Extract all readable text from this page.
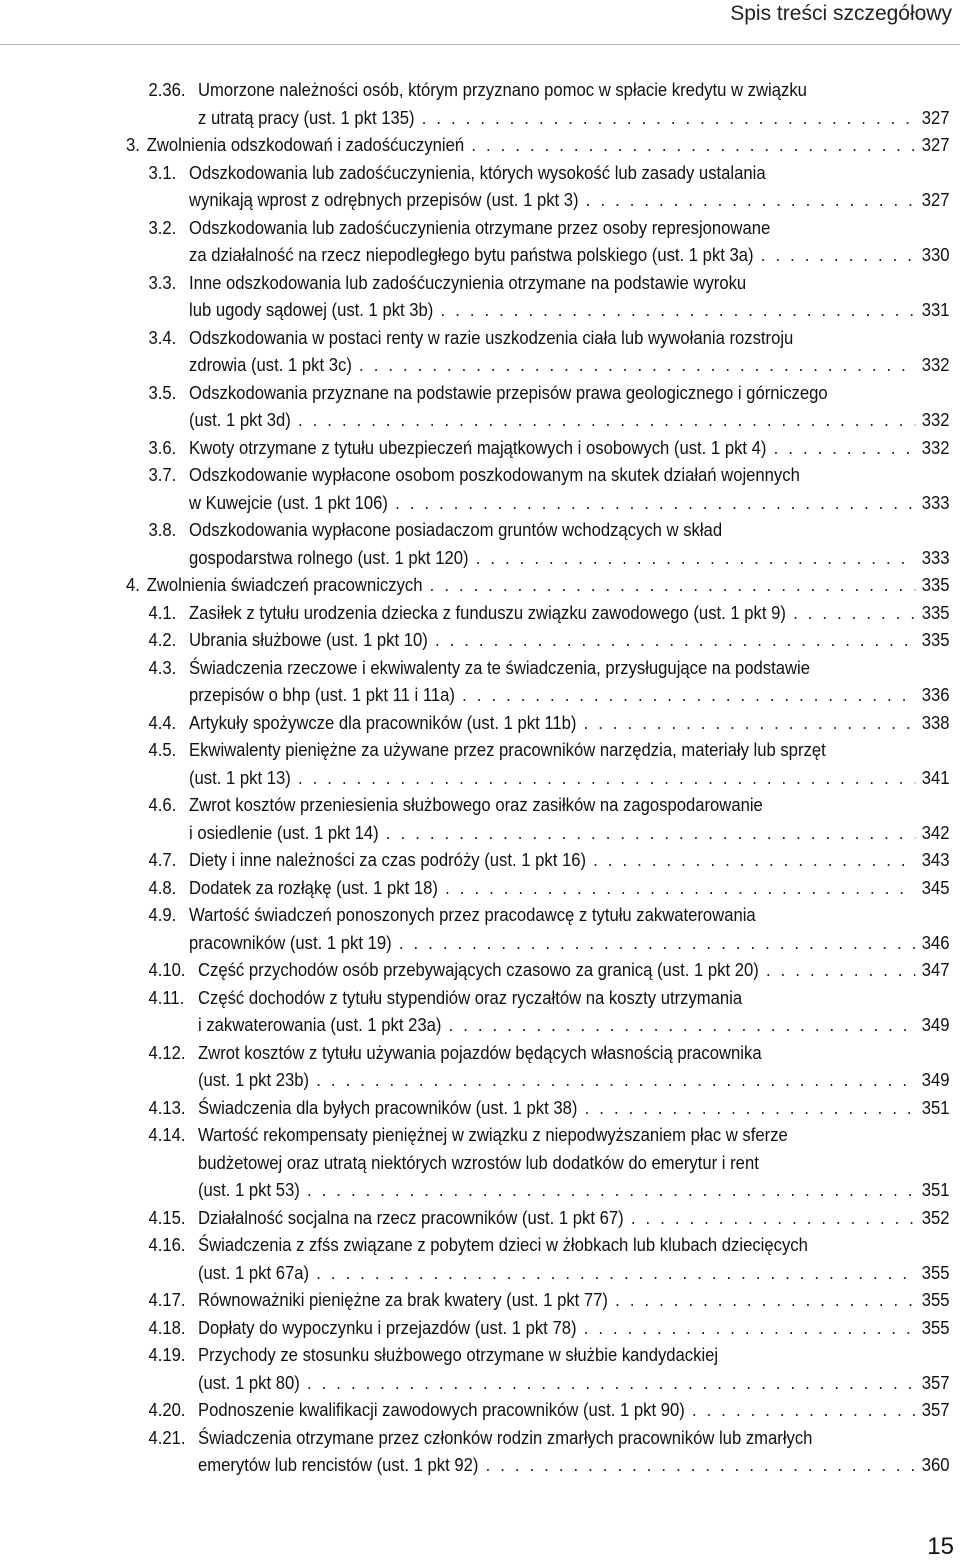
Spis treści szczegółowy
2.36. Umorzone należności osób, którym przyznano pomoc w spłacie kredytu w związku
z utratą pracy (ust. 1 pkt 135) . . .	327
3. Zwolnienia odszkodowań i zadośćuczynień . . .	327
3.1. Odszkodowania lub zadośćuczynienia, których wysokość lub zasady ustalania
wynikają wprost z odrębnych przepisów (ust. 1 pkt 3) . . .	327
3.2. Odszkodowania lub zadośćuczynienia otrzymane przez osoby represjonowane
za działalność na rzecz niepodległego bytu państwa polskiego (ust. 1 pkt 3a) . . .	330
3.3. Inne odszkodowania lub zadośćuczynienia otrzymane na podstawie wyroku
lub ugody sądowej (ust. 1 pkt 3b) . . .	331
3.4. Odszkodowania w postaci renty w razie uszkodzenia ciała lub wywołania rozstroju
zdrowia (ust. 1 pkt 3c) . . .	332
3.5. Odszkodowania przyznane na podstawie przepisów prawa geologicznego i górniczego
(ust. 1 pkt 3d) . . .	332
3.6. Kwoty otrzymane z tytułu ubezpieczeń majątkowych i osobowych (ust. 1 pkt 4) . . .	332
3.7. Odszkodowanie wypłacone osobom poszkodowanym na skutek działań wojennych
w Kuwejcie (ust. 1 pkt 106) . . .	333
3.8. Odszkodowania wypłacone posiadaczom gruntów wchodzących w skład
gospodarstwa rolnego (ust. 1 pkt 120) . . .	333
4. Zwolnienia świadczeń pracowniczych . . .	335
4.1. Zasiłek z tytułu urodzenia dziecka z funduszu związku zawodowego (ust. 1 pkt 9) . . .	335
4.2. Ubrania służbowe (ust. 1 pkt 10) . . .	335
4.3. Świadczenia rzeczowe i ekwiwalenty za te świadczenia, przysługujące na podstawie
przepisów o bhp (ust. 1 pkt 11 i 11a) . . .	336
4.4. Artykuły spożywcze dla pracowników (ust. 1 pkt 11b) . . .	338
4.5. Ekwiwalenty pieniężne za używane przez pracowników narzędzia, materiały lub sprzęt
(ust. 1 pkt 13) . . .	341
4.6. Zwrot kosztów przeniesienia służbowego oraz zasiłków na zagospodarowanie
i osiedlenie (ust. 1 pkt 14) . . .	342
4.7. Diety i inne należności za czas podróży (ust. 1 pkt 16) . . .	343
4.8. Dodatek za rozłąkę (ust. 1 pkt 18) . . .	345
4.9. Wartość świadczeń ponoszonych przez pracodawcę z tytułu zakwaterowania
pracowników (ust. 1 pkt 19) . . .	346
4.10. Część przychodów osób przebywających czasowo za granicą (ust. 1 pkt 20) . . .	347
4.11. Część dochodów z tytułu stypendiów oraz ryczałtów na koszty utrzymania
i zakwaterowania (ust. 1 pkt 23a) . . .	349
4.12. Zwrot kosztów z tytułu używania pojazdów będących własnością pracownika
(ust. 1 pkt 23b) . . .	349
4.13. Świadczenia dla byłych pracowników (ust. 1 pkt 38) . . .	351
4.14. Wartość rekompensaty pieniężnej w związku z niepodwyższaniem płac w sferze
budżetowej oraz utratą niektórych wzrostów lub dodatków do emerytur i rent
(ust. 1 pkt 53) . . .	351
4.15. Działalność socjalna na rzecz pracowników (ust. 1 pkt 67) . . .	352
4.16. Świadczenia z zfśs związane z pobytem dzieci w żłobkach lub klubach dziecięcych
(ust. 1 pkt 67a) . . .	355
4.17. Równoważniki pieniężne za brak kwatery (ust. 1 pkt 77) . . .	355
4.18. Dopłaty do wypoczynku i przejazdów (ust. 1 pkt 78) . . .	355
4.19. Przychody ze stosunku służbowego otrzymane w służbie kandydackiej
(ust. 1 pkt 80) . . .	357
4.20. Podnoszenie kwalifikacji zawodowych pracowników (ust. 1 pkt 90) . . .	357
4.21. Świadczenia otrzymane przez członków rodzin zmarłych pracowników lub zmarłych
emerytów lub rencistów (ust. 1 pkt 92) . . .	360
15
